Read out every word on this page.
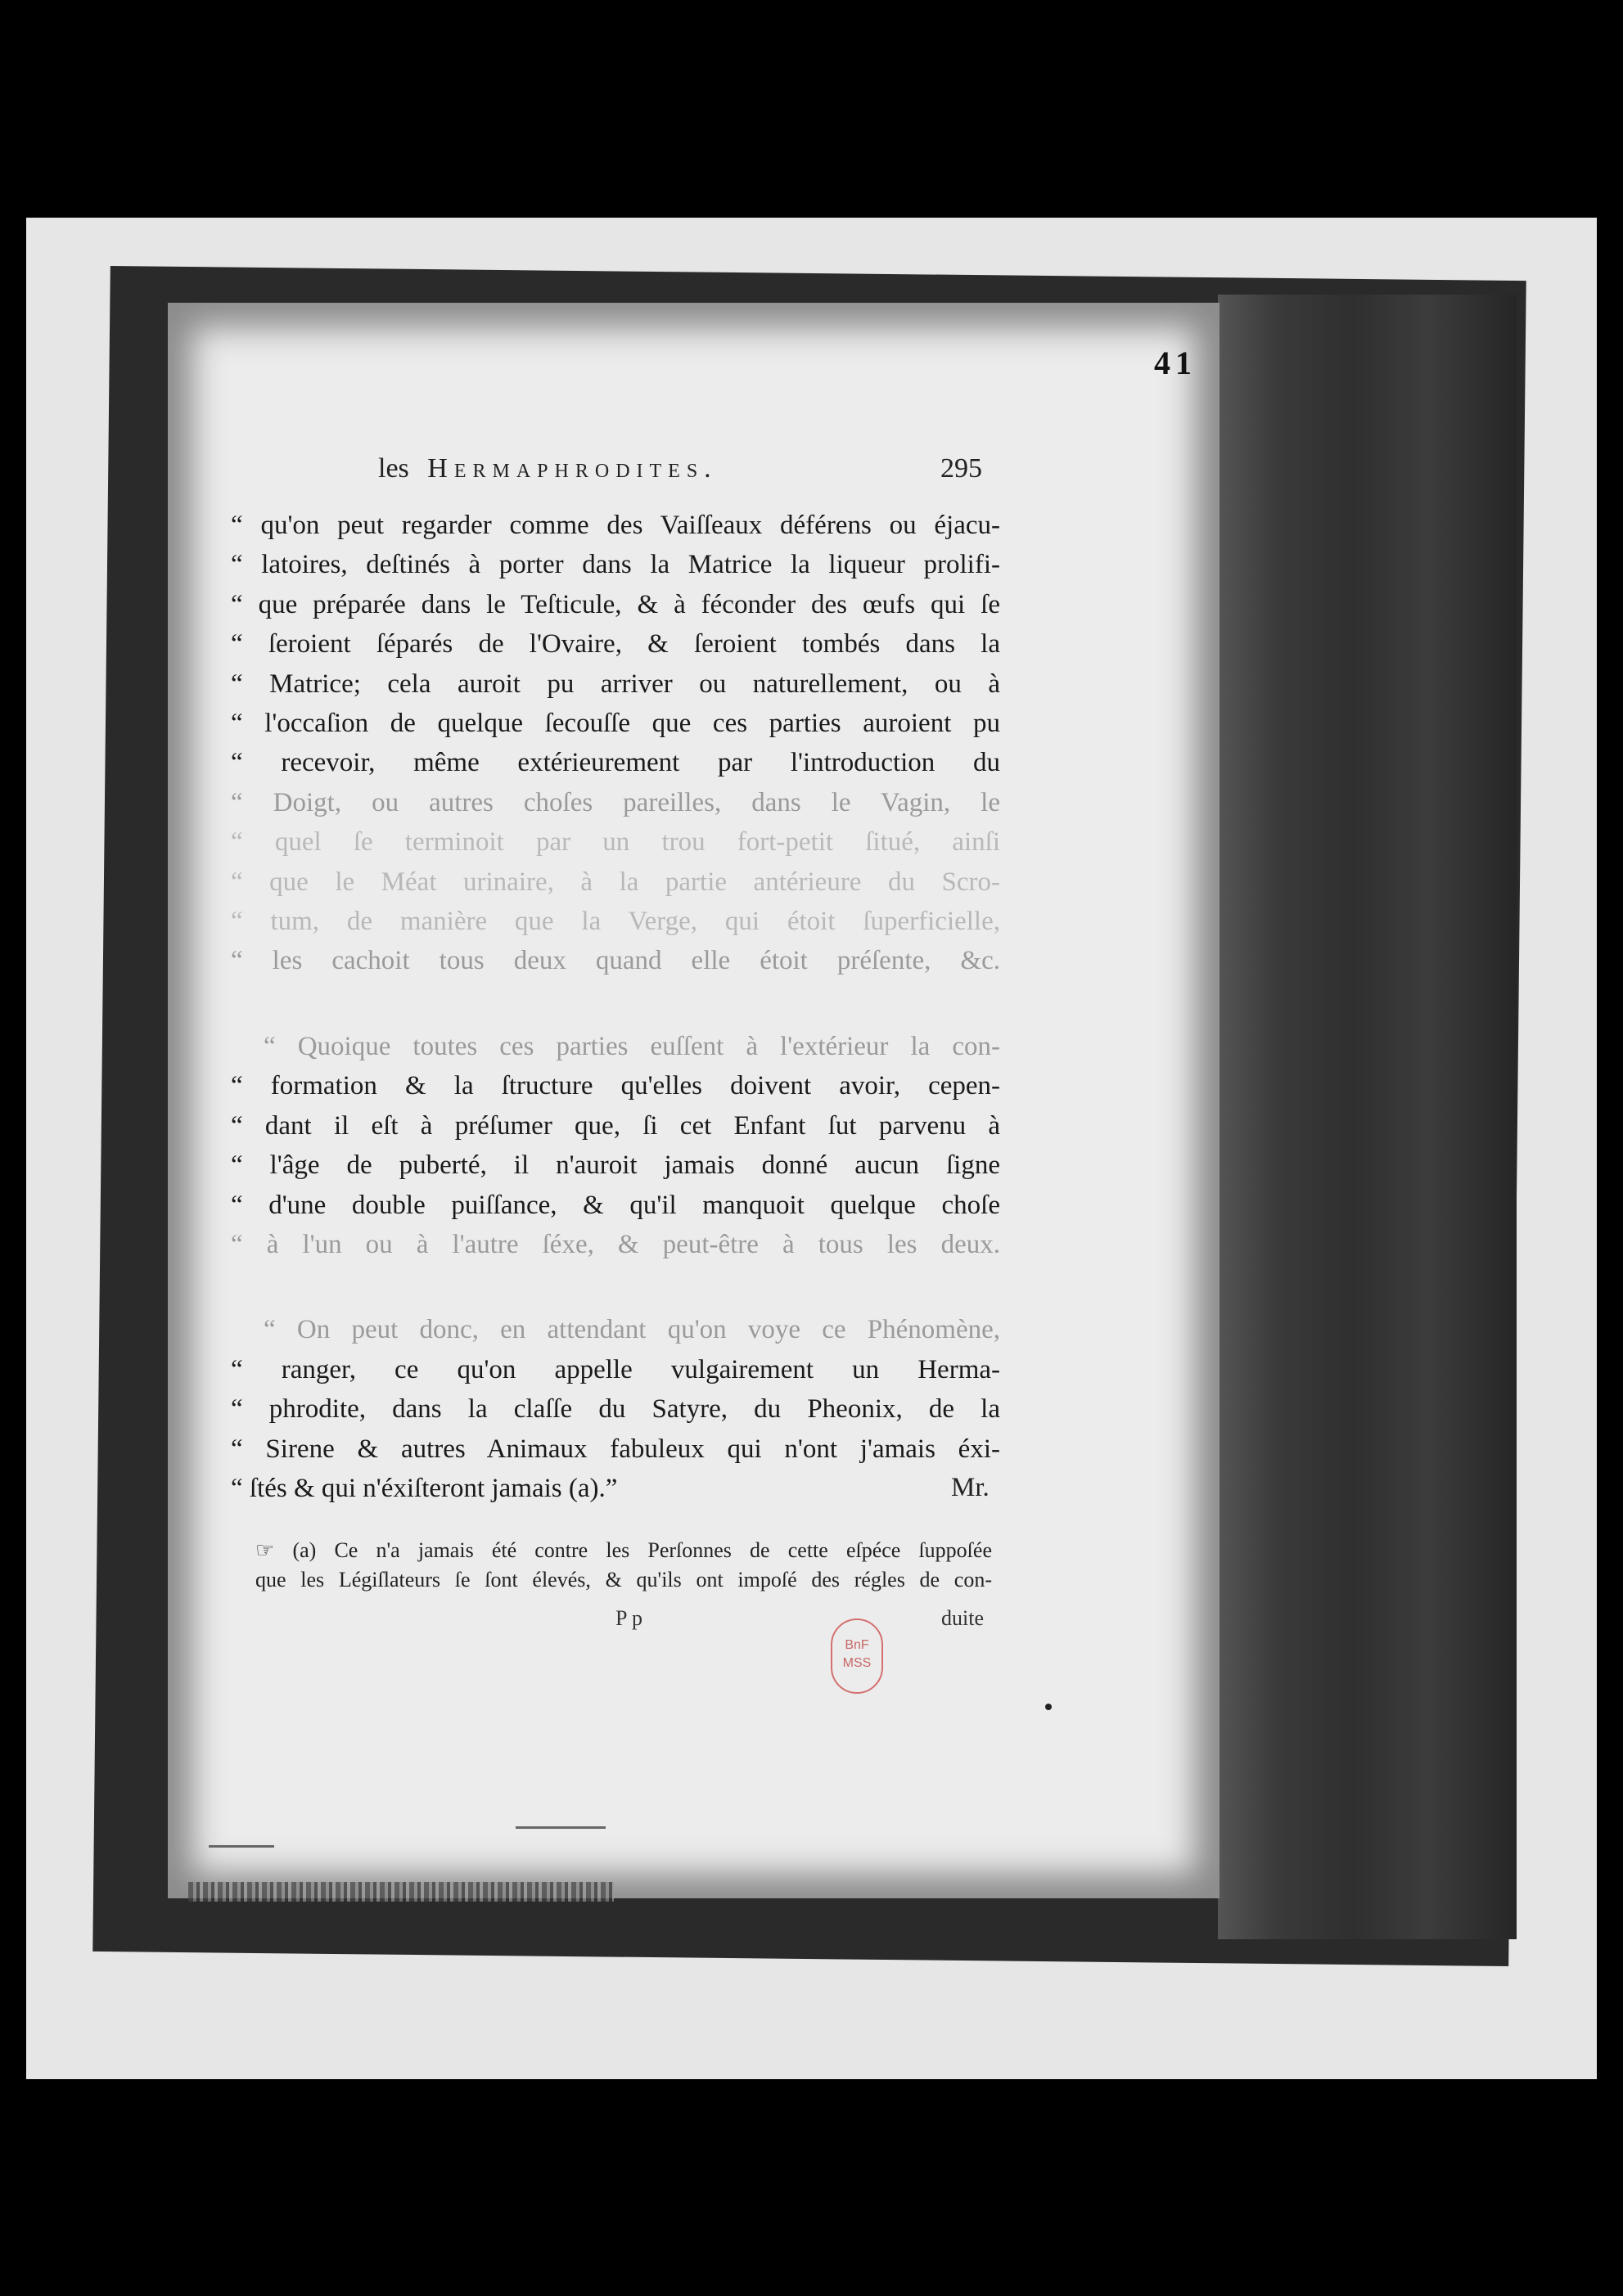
41
les Hermaphrodites.	295
“ qu'on peut regarder comme des Vaiſſeaux déférens ou éjacu-
“ latoires, deſtinés à porter dans la Matrice la liqueur prolifi-
“ que préparée dans le Teſticule, & à féconder des œufs qui ſe
“ ſeroient ſéparés de l'Ovaire, & ſeroient tombés dans la
“ Matrice; cela auroit pu arriver ou naturellement, ou à
“ l'occaſion de quelque ſecouſſe que ces parties auroient pu
“ recevoir, même extérieurement par l'introduction du
“ Doigt, ou autres choſes pareilles, dans le Vagin, le
“ quel ſe terminoit par un trou fort-petit ſitué, ainſi
“ que le Méat urinaire, à la partie antérieure du Scro-
“ tum, de manière que la Verge, qui étoit ſuperficielle,
“ les cachoit tous deux quand elle étoit préſente, &c.
“ Quoique toutes ces parties euſſent à l'extérieur la con-
“ formation & la ſtructure qu'elles doivent avoir, cepen-
“ dant il eſt à préſumer que, ſi cet Enfant ſut parvenu à
“ l'âge de puberté, il n'auroit jamais donné aucun ſigne
“ d'une double puiſſance, & qu'il manquoit quelque choſe
“ à l'un ou à l'autre ſéxe, & peut-être à tous les deux.
“ On peut donc, en attendant qu'on voye ce Phénomène,
“ ranger, ce qu'on appelle vulgairement un Herma-
“ phrodite, dans la claſſe du Satyre, du Pheonix, de la
“ Sirene & autres Animaux fabuleux qui n'ont j'amais éxi-
“ ſtés & qui n'éxiſteront jamais (a).”	Mr.
☞ (a) Ce n'a jamais été contre les Perſonnes de cette eſpéce ſuppoſée
que les Légiſlateurs ſe ſont élevés, & qu'ils ont impoſé des régles de con-
P p	duite
BnF
MSS
